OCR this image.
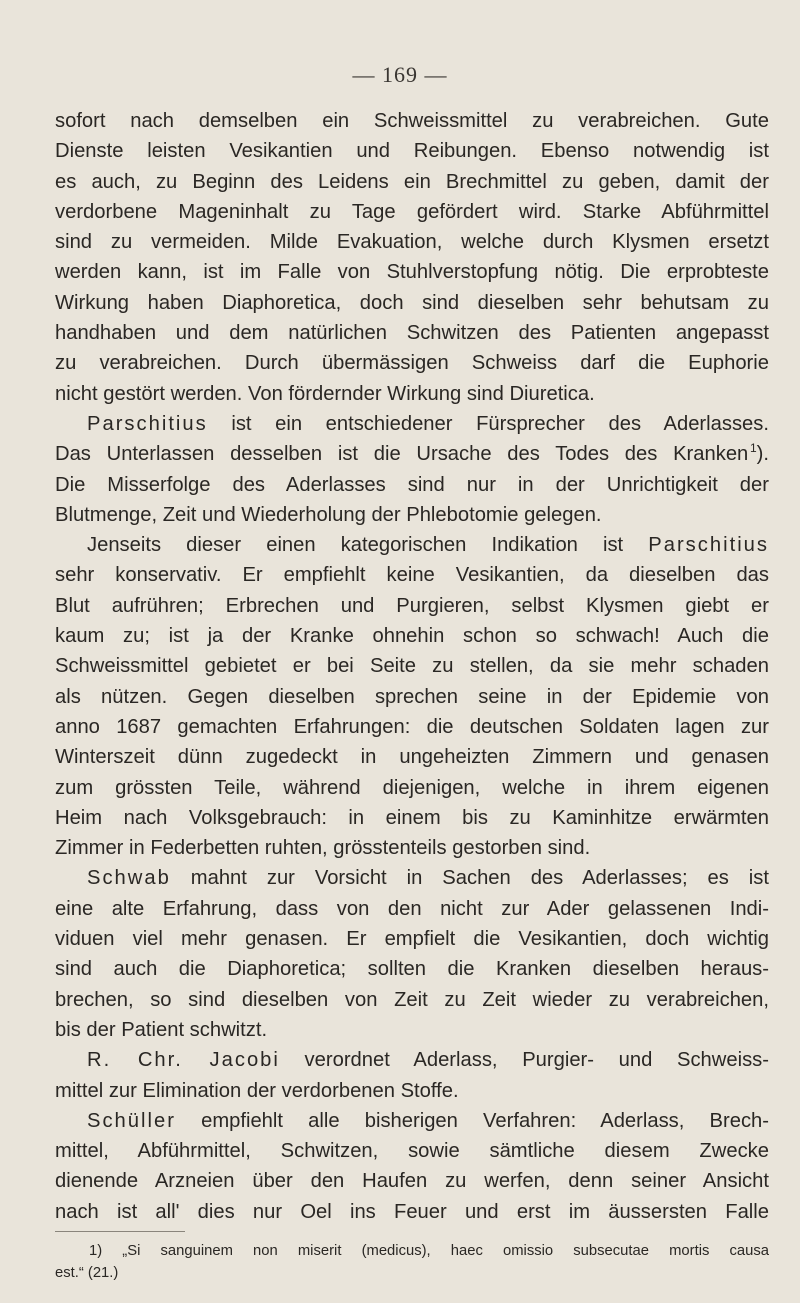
— 169 —
sofort nach demselben ein Schweissmittel zu verabreichen. Gute
Dienste leisten Vesikantien und Reibungen. Ebenso notwendig ist
es auch, zu Beginn des Leidens ein Brechmittel zu geben, damit der
verdorbene Mageninhalt zu Tage gefördert wird. Starke Abführmittel
sind zu vermeiden. Milde Evakuation, welche durch Klysmen ersetzt
werden kann, ist im Falle von Stuhlverstopfung nötig. Die erprobteste
Wirkung haben Diaphoretica, doch sind dieselben sehr behutsam zu
handhaben und dem natürlichen Schwitzen des Patienten angepasst
zu verabreichen. Durch übermässigen Schweiss darf die Euphorie
nicht gestört werden. Von fördernder Wirkung sind Diuretica.
Parschitius ist ein entschiedener Fürsprecher des Aderlasses.
Das Unterlassen desselben ist die Ursache des Todes des Kranken  $^1$).
Die Misserfolge des Aderlasses sind nur in der Unrichtigkeit der
Blutmenge, Zeit und Wiederholung der Phlebotomie gelegen.
Jenseits dieser einen kategorischen Indikation ist Parschitius
sehr konservativ. Er empfiehlt keine Vesikantien, da dieselben das
Blut aufrühren; Erbrechen und Purgieren, selbst Klysmen giebt er
kaum zu; ist ja der Kranke ohnehin schon so schwach! Auch die
Schweissmittel gebietet er bei Seite zu stellen, da sie mehr schaden
als nützen. Gegen dieselben sprechen seine in der Epidemie von
anno 1687 gemachten Erfahrungen: die deutschen Soldaten lagen zur
Winterszeit dünn zugedeckt in ungeheizten Zimmern und genasen
zum grössten Teile, während diejenigen, welche in ihrem eigenen
Heim nach Volksgebrauch: in einem bis zu Kaminhitze erwärmten
Zimmer in Federbetten ruhten, grösstenteils gestorben sind.
Schwab mahnt zur Vorsicht in Sachen des Aderlasses; es ist
eine alte Erfahrung, dass von den nicht zur Ader gelassenen Indi-
viduen viel mehr genasen. Er empfielt die Vesikantien, doch wichtig
sind auch die Diaphoretica; sollten die Kranken dieselben heraus-
brechen, so sind dieselben von Zeit zu Zeit wieder zu verabreichen,
bis der Patient schwitzt.
R. Chr. Jacobi verordnet Aderlass, Purgier- und Schweiss-
mittel zur Elimination der verdorbenen Stoffe.
Schüller empfiehlt alle bisherigen Verfahren: Aderlass, Brech-
mittel, Abführmittel, Schwitzen, sowie sämtliche diesem Zwecke
dienende Arzneien über den Haufen zu werfen, denn seiner Ansicht
nach ist all' dies nur Oel ins Feuer und erst im äussersten Falle
1) „Si sanguinem non miserit (medicus), haec omissio subsecutae mortis causa
est.“ (21.)
